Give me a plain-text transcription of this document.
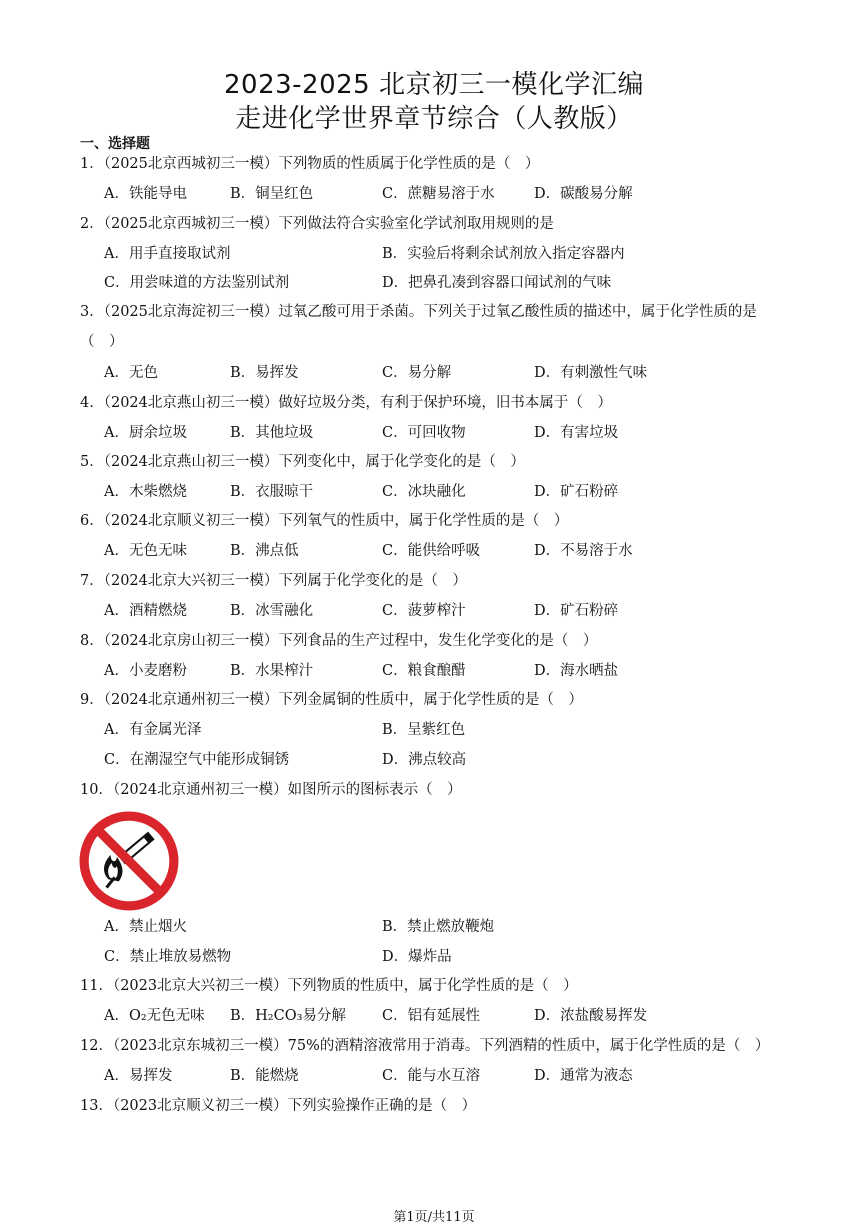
2023-2025 北京初三一模化学汇编
走进化学世界章节综合（人教版）
一、选择题
1．（2025北京西城初三一模）下列物质的性质属于化学性质的是（　）
A．铁能导电	B．铜呈红色	C．蔗糖易溶于水	D．碳酸易分解
2．（2025北京西城初三一模）下列做法符合实验室化学试剂取用规则的是
A．用手直接取试剂	B．实验后将剩余试剂放入指定容器内
C．用尝味道的方法鉴别试剂	D．把鼻孔凑到容器口闻试剂的气味
3．（2025北京海淀初三一模）过氧乙酸可用于杀菌。下列关于过氧乙酸性质的描述中，属于化学性质的是（　）
A．无色	B．易挥发	C．易分解	D．有刺激性气味
4．（2024北京燕山初三一模）做好垃圾分类，有利于保护环境，旧书本属于（　）
A．厨余垃圾	B．其他垃圾	C．可回收物	D．有害垃圾
5．（2024北京燕山初三一模）下列变化中，属于化学变化的是（　）
A．木柴燃烧	B．衣服晾干	C．冰块融化	D．矿石粉碎
6．（2024北京顺义初三一模）下列氧气的性质中，属于化学性质的是（　）
A．无色无味	B．沸点低	C．能供给呼吸	D．不易溶于水
7．（2024北京大兴初三一模）下列属于化学变化的是（　）
A．酒精燃烧	B．冰雪融化	C．菠萝榨汁	D．矿石粉碎
8．（2024北京房山初三一模）下列食品的生产过程中，发生化学变化的是（　）
A．小麦磨粉	B．水果榨汁	C．粮食酿醋	D．海水晒盐
9．（2024北京通州初三一模）下列金属铜的性质中，属于化学性质的是（　）
A．有金属光泽	B．呈紫红色
C．在潮湿空气中能形成铜锈	D．沸点较高
10．（2024北京通州初三一模）如图所示的图标表示（　）
A．禁止烟火	B．禁止燃放鞭炮
C．禁止堆放易燃物	D．爆炸品
11．（2023北京大兴初三一模）下列物质的性质中，属于化学性质的是（　）
A．O₂无色无味 B．H₂CO₃易分解 C．铝有延展性	D．浓盐酸易挥发
12．（2023北京东城初三一模）75%的酒精溶液常用于消毒。下列酒精的性质中，属于化学性质的是（　）
A．易挥发	B．能燃烧	C．能与水互溶	D．通常为液态
13．（2023北京顺义初三一模）下列实验操作正确的是（　）
第1页/共11页
